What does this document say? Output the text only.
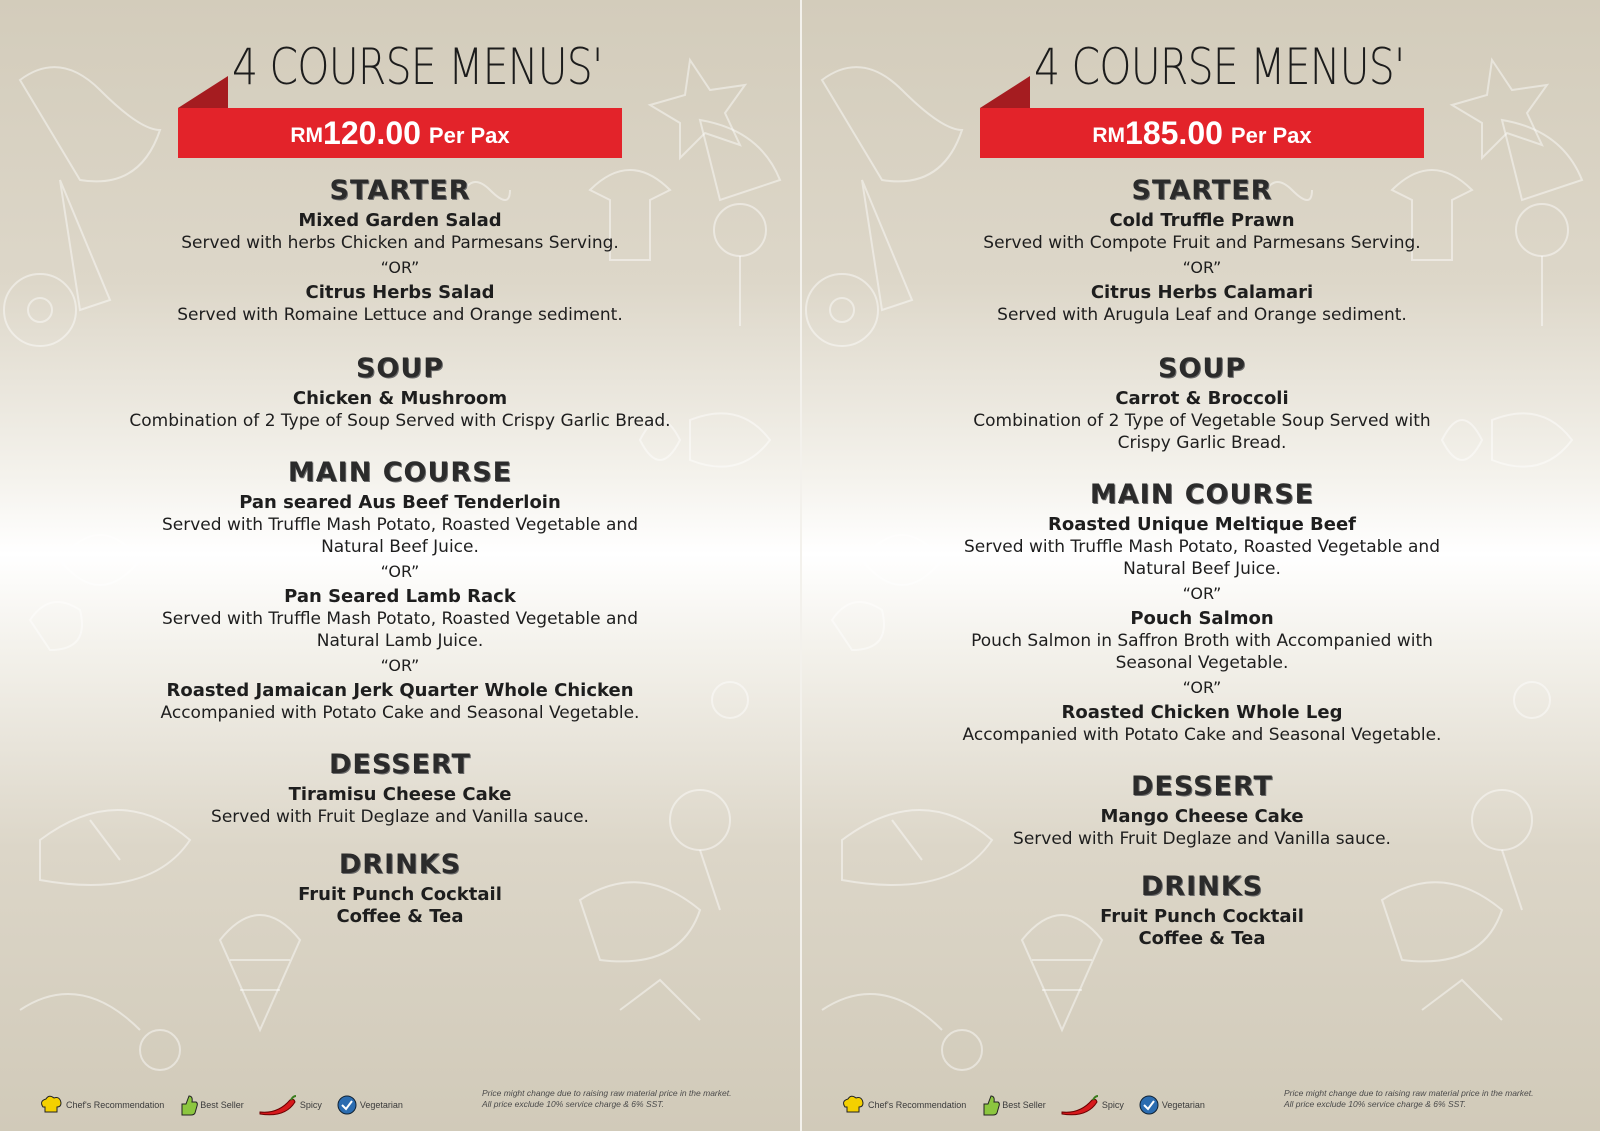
4 COURSE MENUS'
RM 120.00 Per Pax
STARTER
Mixed Garden Salad
Served with herbs Chicken and Parmesans Serving.
“OR”
Citrus Herbs Salad
Served with Romaine Lettuce and Orange sediment.
SOUP
Chicken & Mushroom
Combination of 2 Type of Soup Served with Crispy Garlic Bread.
MAIN COURSE
Pan seared Aus Beef Tenderloin
Served with Truffle Mash Potato, Roasted Vegetable and Natural Beef Juice.
“OR”
Pan Seared Lamb Rack
Served with Truffle Mash Potato, Roasted Vegetable and Natural Lamb Juice.
“OR”
Roasted Jamaican Jerk Quarter Whole Chicken
Accompanied with Potato Cake and Seasonal Vegetable.
DESSERT
Tiramisu Cheese Cake
Served with Fruit Deglaze and Vanilla sauce.
DRINKS
Fruit Punch Cocktail
Coffee & Tea
Chef's Recommendation	Best Seller	Spicy	Vegetarian
Price might change due to raising raw material price in the market.
All price exclude 10% service charge & 6% SST.
4 COURSE MENUS'
RM 185.00 Per Pax
STARTER
Cold Truffle Prawn
Served with Compote Fruit and Parmesans Serving.
“OR”
Citrus Herbs Calamari
Served with Arugula Leaf and Orange sediment.
SOUP
Carrot & Broccoli
Combination of 2 Type of Vegetable Soup Served with Crispy Garlic Bread.
MAIN COURSE
Roasted Unique Meltique Beef
Served with Truffle Mash Potato, Roasted Vegetable and Natural Beef Juice.
“OR”
Pouch Salmon
Pouch Salmon in Saffron Broth with Accompanied with Seasonal Vegetable.
“OR”
Roasted Chicken Whole Leg
Accompanied with Potato Cake and Seasonal Vegetable.
DESSERT
Mango Cheese Cake
Served with Fruit Deglaze and Vanilla sauce.
DRINKS
Fruit Punch Cocktail
Coffee & Tea
Chef's Recommendation	Best Seller	Spicy	Vegetarian
Price might change due to raising raw material price in the market.
All price exclude 10% service charge & 6% SST.
